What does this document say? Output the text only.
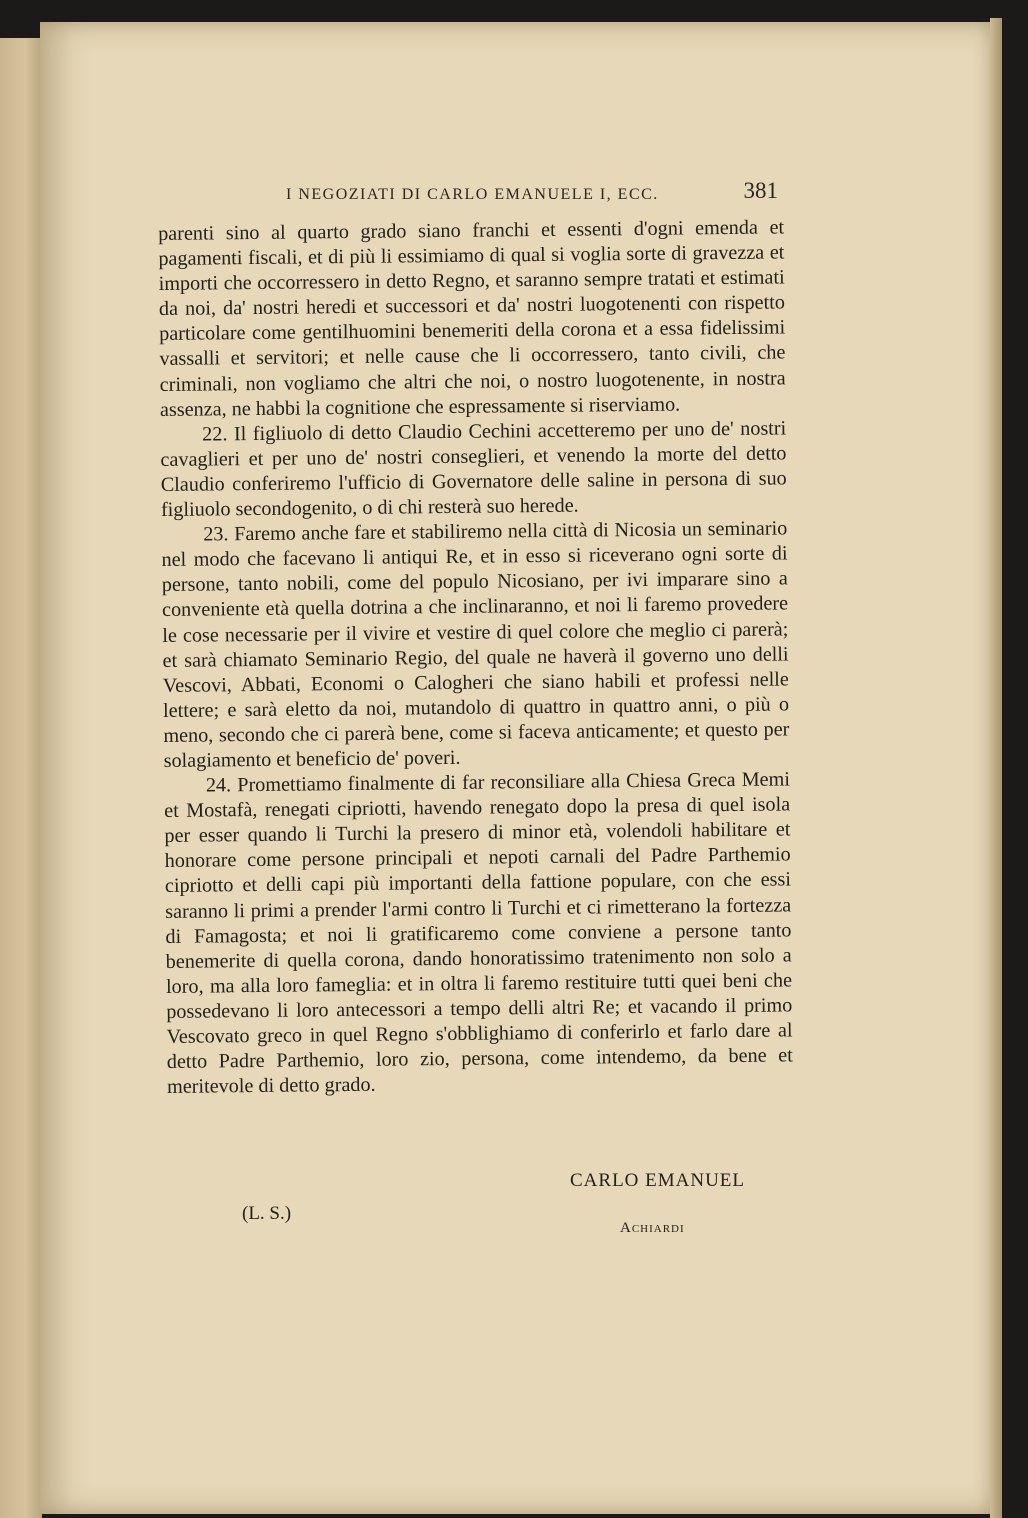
I NEGOZIATI DI CARLO EMANUELE I, ECC.	381

parenti sino al quarto grado siano franchi et essenti d'ogni emenda et pagamenti fiscali, et di più li essimiamo di qual si voglia sorte di gravezza et importi che occorressero in detto Regno, et saranno sempre tratati et estimati da noi, da' nostri heredi et successori et da' nostri luogotenenti con rispetto particolare come gentilhuomini benemeriti della corona et a essa fidelissimi vassalli et servitori; et nelle cause che li occorressero, tanto civili, che criminali, non vogliamo che altri che noi, o nostro luogotenente, in nostra assenza, ne habbi la cognitione che espressamente si riserviamo.

22. Il figliuolo di detto Claudio Cechini accetteremo per uno de' nostri cavaglieri et per uno de' nostri conseglieri, et venendo la morte del detto Claudio conferiremo l'ufficio di Governatore delle saline in persona di suo figliuolo secondogenito, o di chi resterà suo herede.

23. Faremo anche fare et stabiliremo nella città di Nicosia un seminario nel modo che facevano li antiqui Re, et in esso si riceverano ogni sorte di persone, tanto nobili, come del populo Nicosiano, per ivi imparare sino a conveniente età quella dotrina a che inclinaranno, et noi li faremo provedere le cose necessarie per il vivire et vestire di quel colore che meglio ci parerà; et sarà chiamato Seminario Regio, del quale ne haverà il governo uno delli Vescovi, Abbati, Economi o Calogheri che siano habili et professi nelle lettere; e sarà eletto da noi, mutandolo di quattro in quattro anni, o più o meno, secondo che ci parerà bene, come si faceva anticamente; et questo per solagiamento et beneficio de' poveri.

24. Promettiamo finalmente di far reconsiliare alla Chiesa Greca Memi et Mostafà, renegati cipriotti, havendo renegato dopo la presa di quel isola per esser quando li Turchi la presero di minor età, volendoli habilitare et honorare come persone principali et nepoti carnali del Padre Parthemio cipriotto et delli capi più importanti della fattione populare, con che essi saranno li primi a prender l'armi contro li Turchi et ci rimetterano la fortezza di Famagosta; et noi li gratificaremo come conviene a persone tanto benemerite di quella corona, dando honoratissimo tratenimento non solo a loro, ma alla loro fameglia: et in oltra li faremo restituire tutti quei beni che possedevano li loro antecessori a tempo delli altri Re; et vacando il primo Vescovato greco in quel Regno s'obblighiamo di conferirlo et farlo dare al detto Padre Parthemio, loro zio, persona, come intendemo, da bene et meritevole di detto grado.

CARLO EMANUEL
(L. S.)
Achiardi
